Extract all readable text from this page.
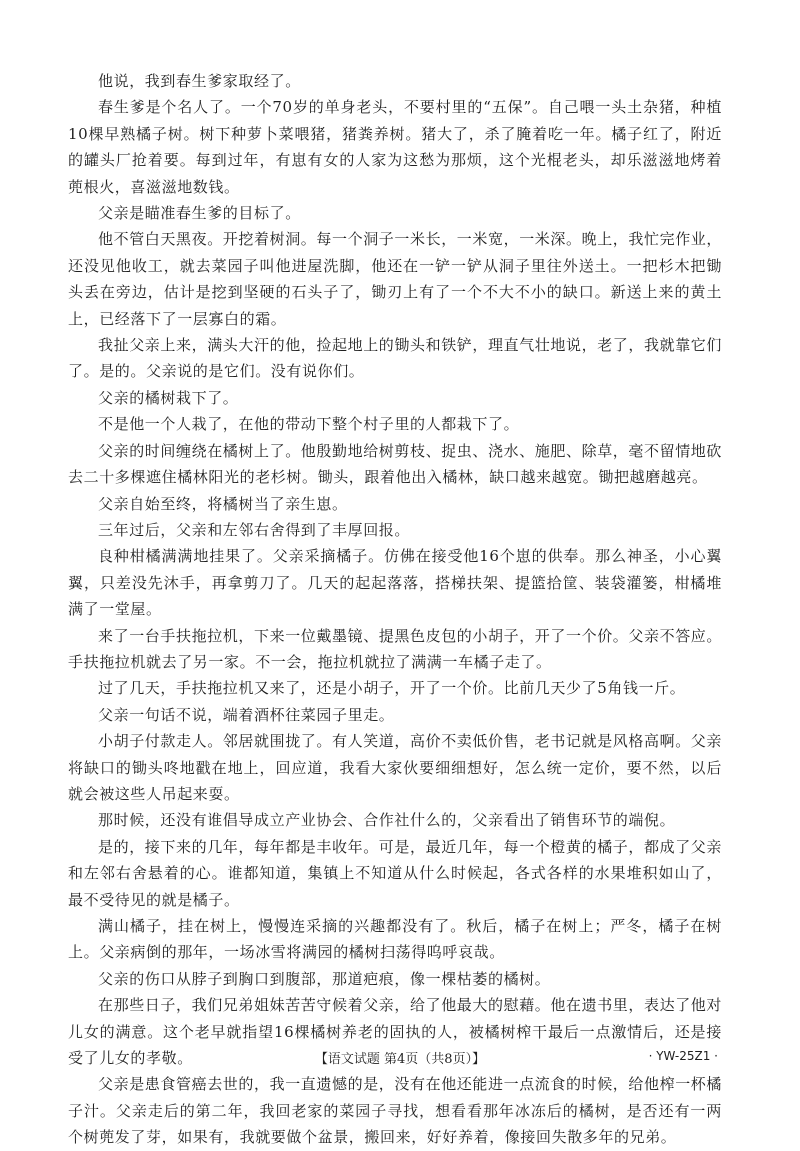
他说，我到春生爹家取经了。

春生爹是个名人了。一个70岁的单身老头，不要村里的“五保”。自己喂一头土杂猪，种植10棵早熟橘子树。树下种萝卜菜喂猪，猪粪养树。猪大了，杀了腌着吃一年。橘子红了，附近的罐头厂抢着要。每到过年，有崽有女的人家为这愁为那烦，这个光棍老头，却乐滋滋地烤着蔸根火，喜滋滋地数钱。

父亲是瞄准春生爹的目标了。

他不管白天黑夜。开挖着树洞。每一个洞子一米长，一米宽，一米深。晚上，我忙完作业，还没见他收工，就去菜园子叫他进屋洗脚，他还在一铲一铲从洞子里往外送土。一把杉木把锄头丢在旁边，估计是挖到坚硬的石头子了，锄刃上有了一个不大不小的缺口。新送上来的黄土上，已经落下了一层寡白的霜。

我扯父亲上来，满头大汗的他，捡起地上的锄头和铁铲，理直气壮地说，老了，我就靠它们了。是的。父亲说的是它们。没有说你们。

父亲的橘树栽下了。

不是他一个人栽了，在他的带动下整个村子里的人都栽下了。

父亲的时间缠绕在橘树上了。他殷勤地给树剪枝、捉虫、浇水、施肥、除草，毫不留情地砍去二十多棵遮住橘林阳光的老杉树。锄头，跟着他出入橘林，缺口越来越宽。锄把越磨越亮。

父亲自始至终，将橘树当了亲生崽。

三年过后，父亲和左邻右舍得到了丰厚回报。

良种柑橘满满地挂果了。父亲采摘橘子。仿佛在接受他16个崽的供奉。那么神圣，小心翼翼，只差没先沐手，再拿剪刀了。几天的起起落落，搭梯扶架、提篮拾筐、装袋灌篓，柑橘堆满了一堂屋。

来了一台手扶拖拉机，下来一位戴墨镜、提黑色皮包的小胡子，开了一个价。父亲不答应。手扶拖拉机就去了另一家。不一会，拖拉机就拉了满满一车橘子走了。

过了几天，手扶拖拉机又来了，还是小胡子，开了一个价。比前几天少了5角钱一斤。

父亲一句话不说，端着酒杯往菜园子里走。

小胡子付款走人。邻居就围拢了。有人笑道，高价不卖低价售，老书记就是风格高啊。父亲将缺口的锄头咚地戳在地上，回应道，我看大家伙要细细想好，怎么统一定价，要不然，以后就会被这些人吊起来耍。

那时候，还没有谁倡导成立产业协会、合作社什么的，父亲看出了销售环节的端倪。

是的，接下来的几年，每年都是丰收年。可是，最近几年，每一个橙黄的橘子，都成了父亲和左邻右舍悬着的心。谁都知道，集镇上不知道从什么时候起，各式各样的水果堆积如山了，最不受待见的就是橘子。

满山橘子，挂在树上，慢慢连采摘的兴趣都没有了。秋后，橘子在树上；严冬，橘子在树上。父亲病倒的那年，一场冰雪将满园的橘树扫荡得呜呼哀哉。

父亲的伤口从脖子到胸口到腹部，那道疤痕，像一棵枯萎的橘树。

在那些日子，我们兄弟姐妹苦苦守候着父亲，给了他最大的慰藉。他在遗书里，表达了他对儿女的满意。这个老早就指望16棵橘树养老的固执的人，被橘树榨干最后一点激情后，还是接受了儿女的孝敬。

父亲是患食管癌去世的，我一直遗憾的是，没有在他还能进一点流食的时候，给他榨一杯橘子汁。父亲走后的第二年，我回老家的菜园子寻找，想看看那年冰冻后的橘树，是否还有一两个树蔸发了芽，如果有，我就要做个盆景，搬回来，好好养着，像接回失散多年的兄弟。

【语文试题 第4页（共8页）】	· YW-25Z1 ·
